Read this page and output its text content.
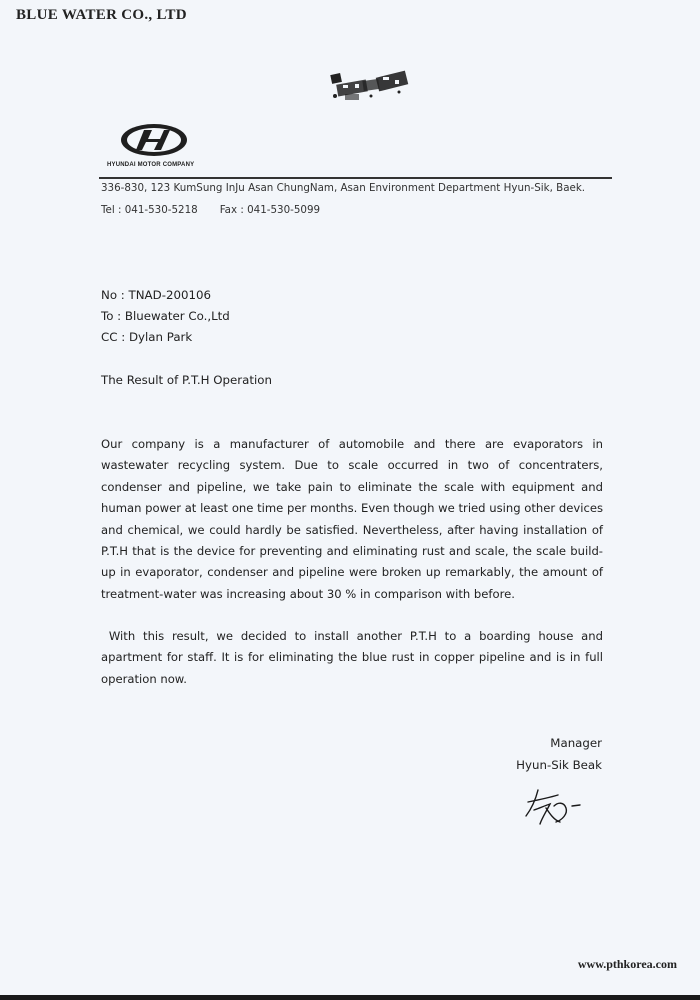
BLUE WATER CO., LTD
HYUNDAI MOTOR COMPANY
336-830, 123 KumSung InJu Asan ChungNam, Asan Environment Department Hyun-Sik, Baek.
Tel : 041-530-5218 Fax : 041-530-5099
No : TNAD-200106
To : Bluewater Co.,Ltd
CC : Dylan Park
The Result of P.T.H Operation
Our company is a manufacturer of automobile and there are evaporators in wastewater recycling system. Due to scale occurred in two of concentraters, condenser and pipeline, we take pain to eliminate the scale with equipment and human power at least one time per months. Even though we tried using other devices and chemical, we could hardly be satisfied. Nevertheless, after having installation of P.T.H that is the device for preventing and eliminating rust and scale, the scale build-up in evaporator, condenser and pipeline were broken up remarkably, the amount of treatment-water was increasing about 30 % in comparison with before.
With this result, we decided to install another P.T.H to a boarding house and apartment for staff. It is for eliminating the blue rust in copper pipeline and is in full operation now.
Manager
Hyun-Sik Beak
www.pthkorea.com
